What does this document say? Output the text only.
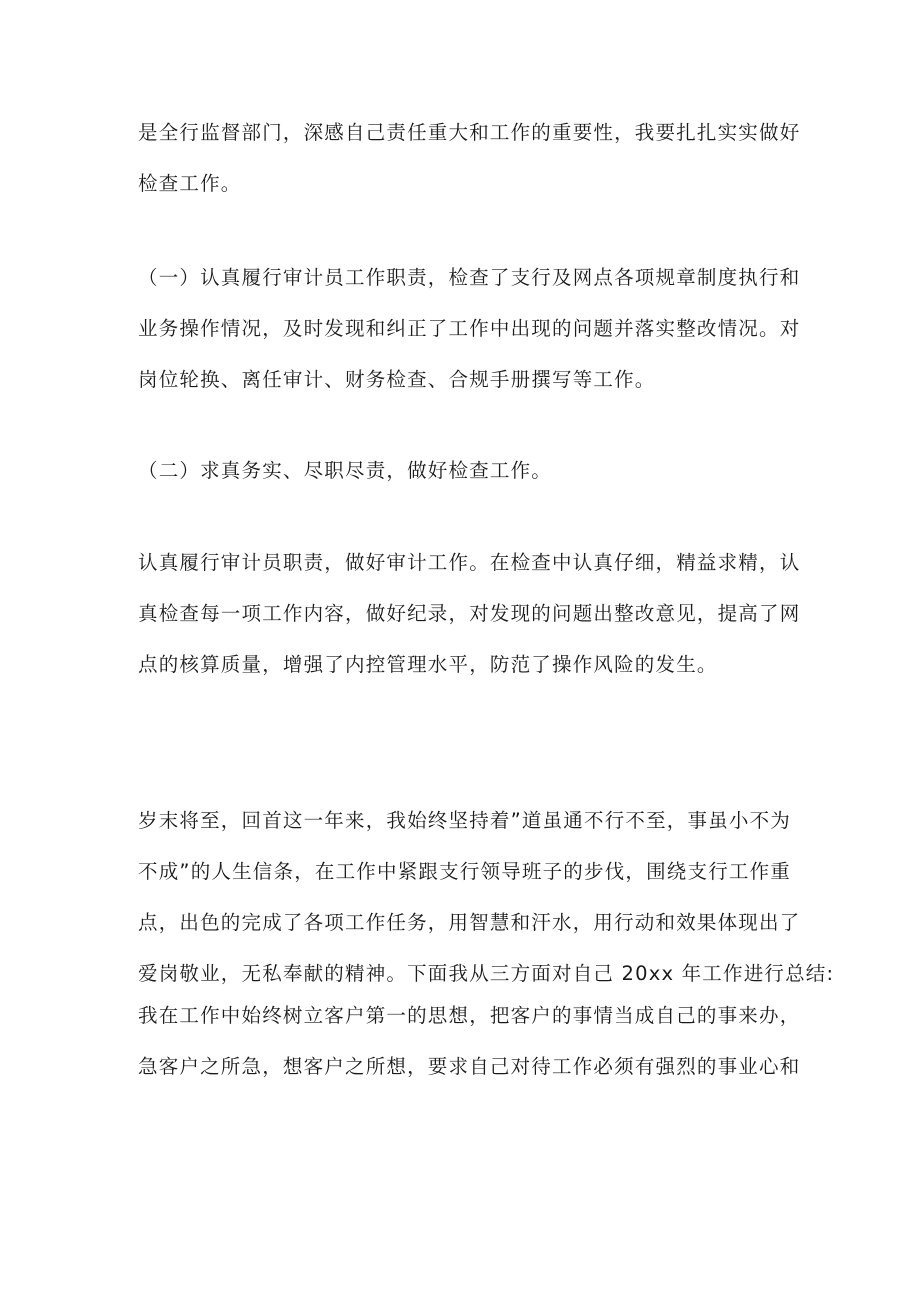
是全行监督部门，深感自己责任重大和工作的重要性，我要扎扎实实做好
检查工作。

（一）认真履行审计员工作职责，检查了支行及网点各项规章制度执行和
业务操作情况，及时发现和纠正了工作中出现的问题并落实整改情况。对
岗位轮换、离任审计、财务检查、合规手册撰写等工作。

（二）求真务实、尽职尽责，做好检查工作。

认真履行审计员职责，做好审计工作。在检查中认真仔细，精益求精，认
真检查每一项工作内容，做好纪录，对发现的问题出整改意见，提高了网
点的核算质量，增强了内控管理水平，防范了操作风险的发生。

岁末将至，回首这一年来，我始终坚持着”道虽通不行不至，事虽小不为
不成”的人生信条，在工作中紧跟支行领导班子的步伐，围绕支行工作重
点，出色的完成了各项工作任务，用智慧和汗水，用行动和效果体现出了
爱岗敬业，无私奉献的精神。下面我从三方面对自己 20xx 年工作进行总结:

我在工作中始终树立客户第一的思想，把客户的事情当成自己的事来办，
急客户之所急，想客户之所想，要求自己对待工作必须有强烈的事业心和
